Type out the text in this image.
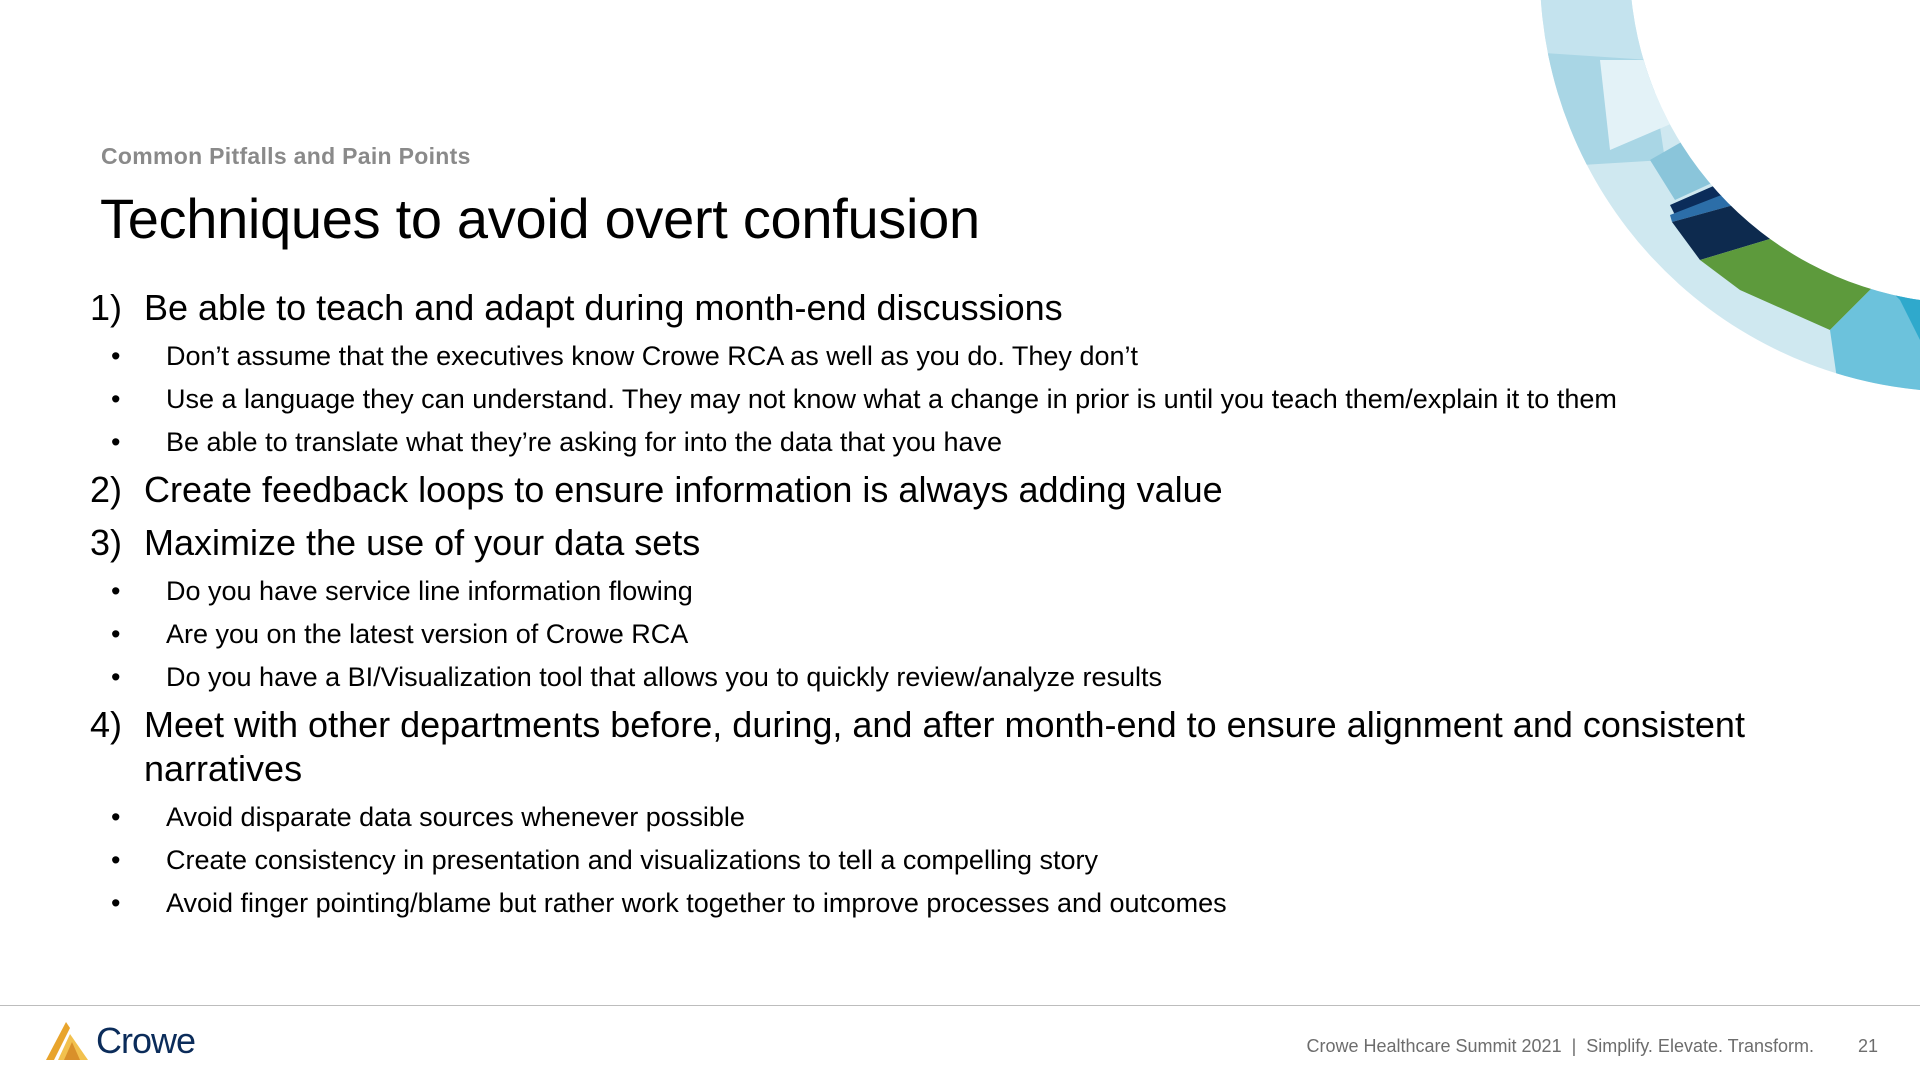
Common Pitfalls and Pain Points
Techniques to avoid overt confusion
1) Be able to teach and adapt during month-end discussions
• Don’t assume that the executives know Crowe RCA as well as you do. They don’t
• Use a language they can understand. They may not know what a change in prior is until you teach them/explain it to them
• Be able to translate what they’re asking for into the data that you have
2) Create feedback loops to ensure information is always adding value
3) Maximize the use of your data sets
• Do you have service line information flowing
• Are you on the latest version of Crowe RCA
• Do you have a BI/Visualization tool that allows you to quickly review/analyze results
4) Meet with other departments before, during, and after month-end to ensure alignment and consistent narratives
• Avoid disparate data sources whenever possible
• Create consistency in presentation and visualizations to tell a compelling story
• Avoid finger pointing/blame but rather work together to improve processes and outcomes
Crowe	Crowe Healthcare Summit 2021  |  Simplify. Elevate. Transform. 21
